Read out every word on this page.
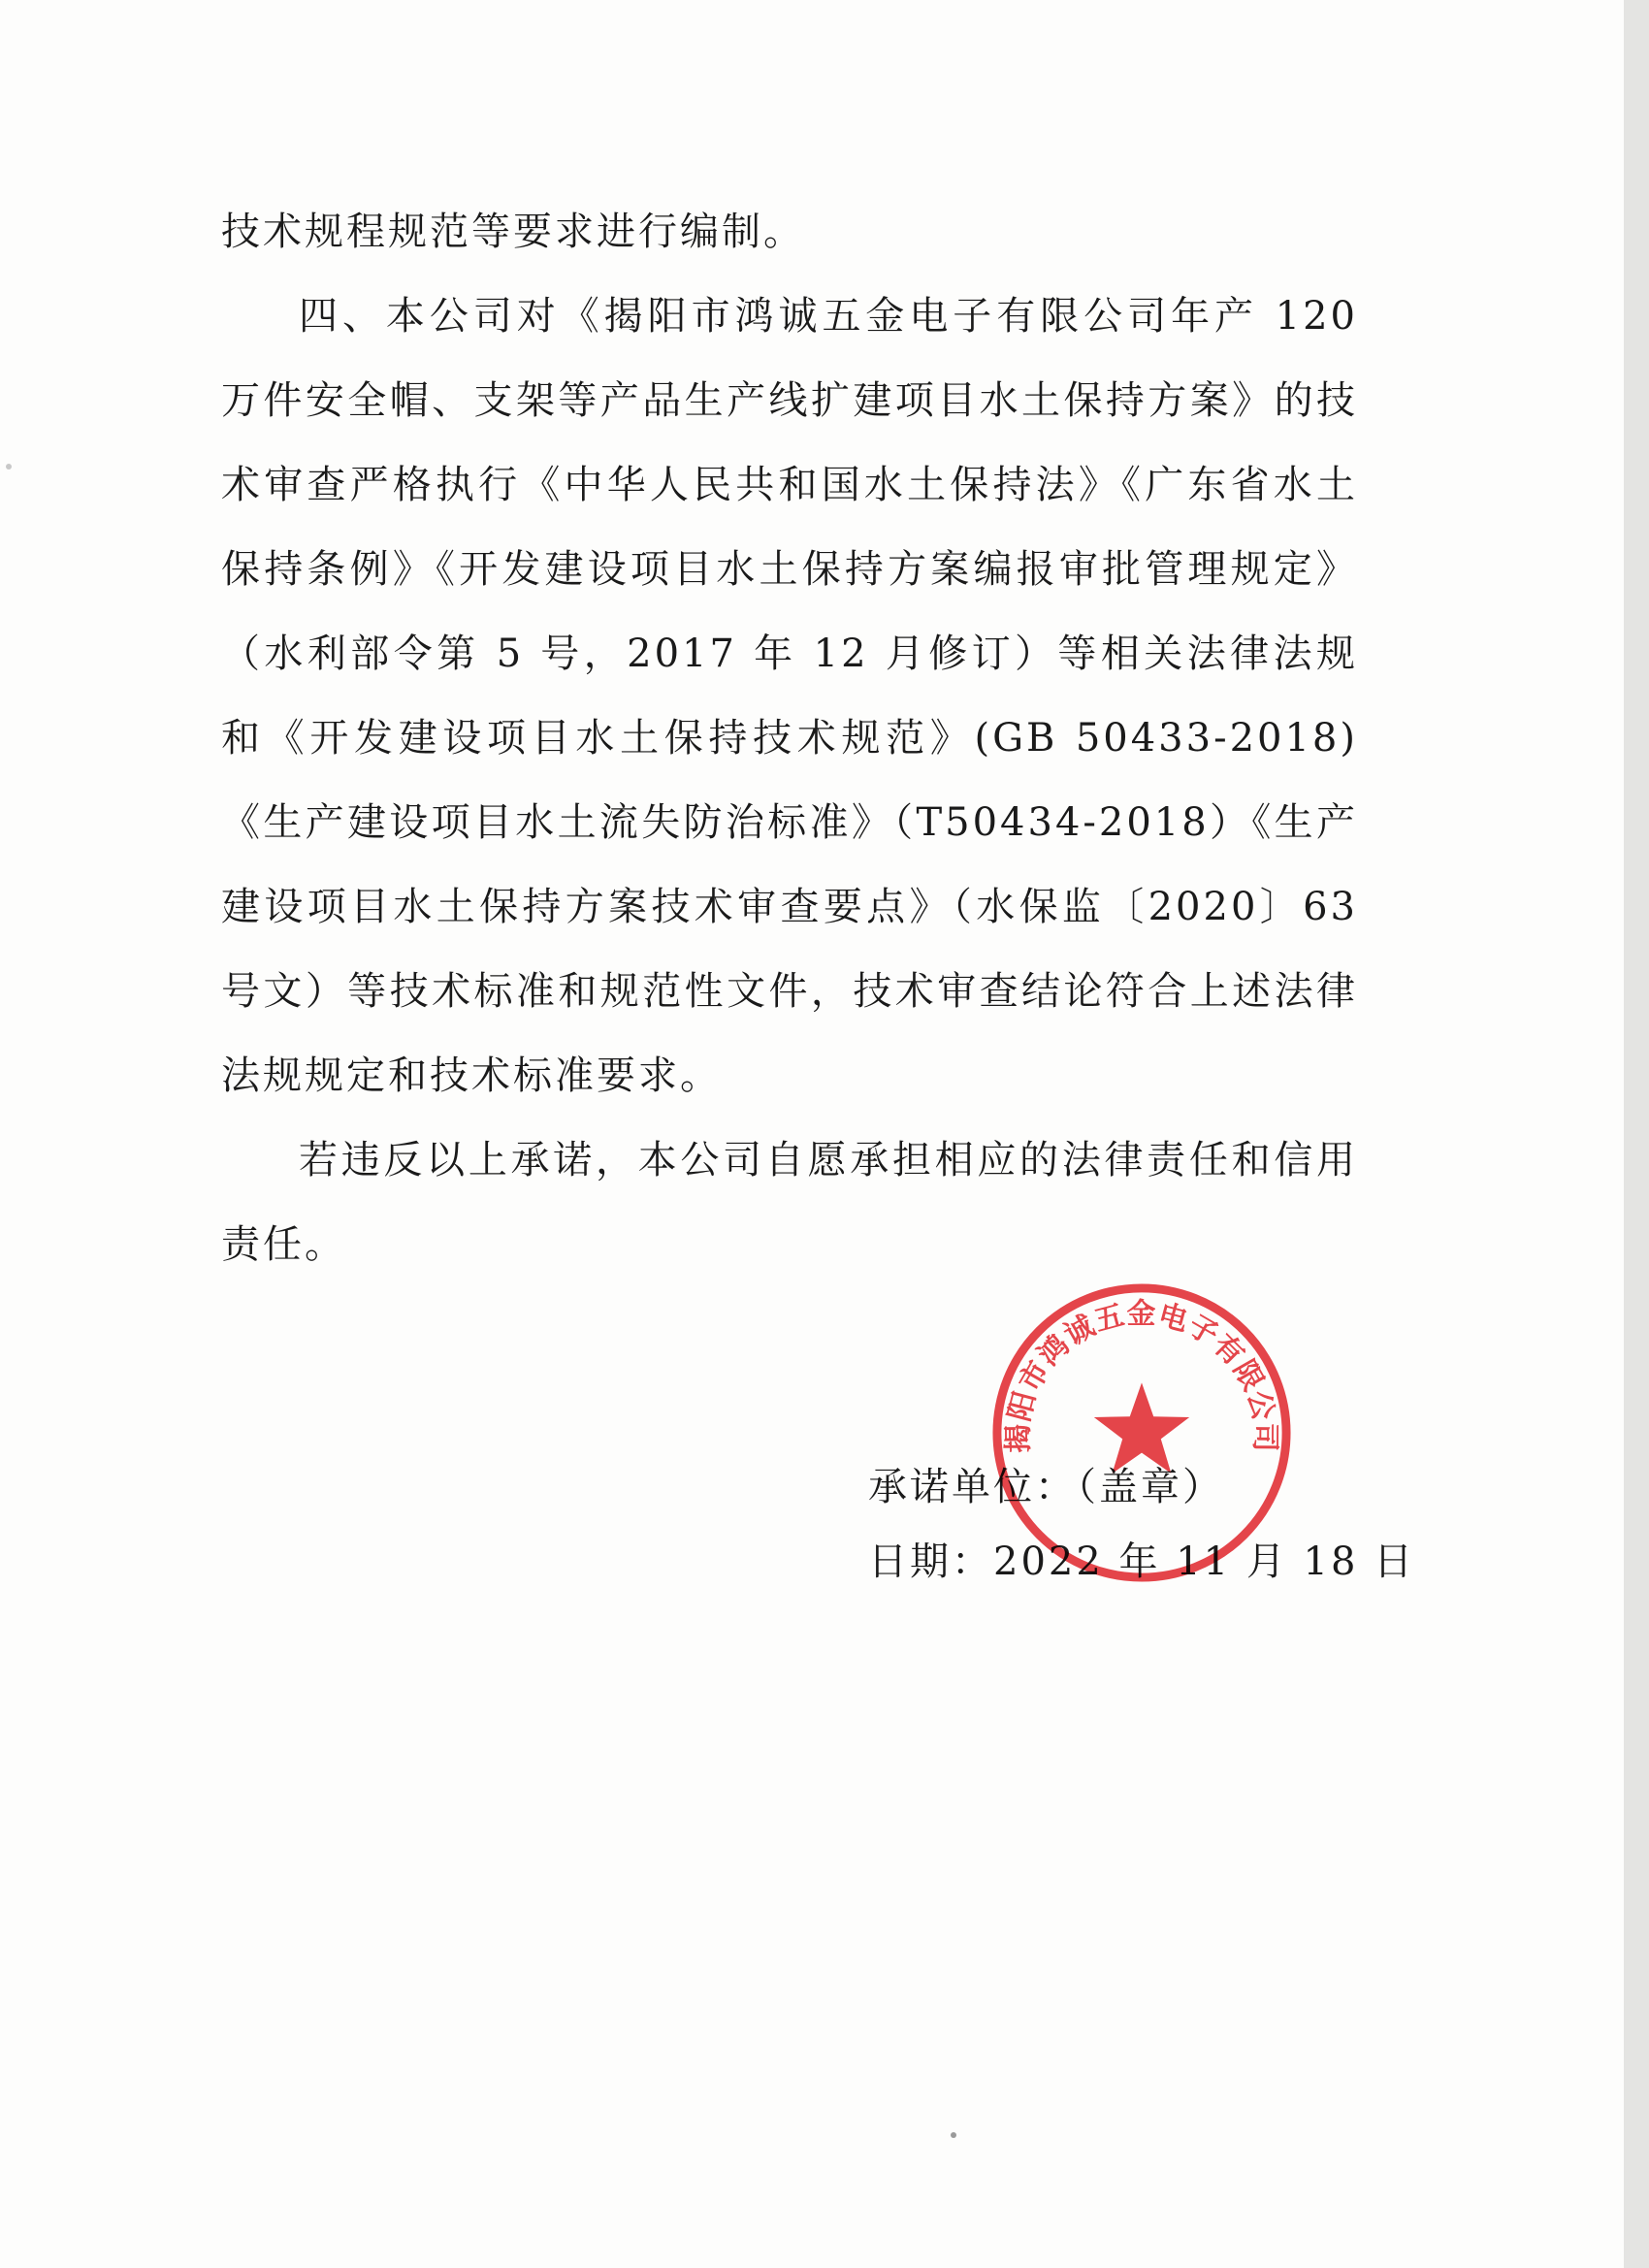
技术规程规范等要求进行编制。

四、本公司对《揭阳市鸿诚五金电子有限公司年产 120 万件安全帽、支架等产品生产线扩建项目水土保持方案》的技术审查严格执行《中华人民共和国水土保持法》《广东省水土保持条例》《开发建设项目水土保持方案编报审批管理规定》（水利部令第 5 号，2017 年 12 月修订）等相关法律法规和《开发建设项目水土保持技术规范》(GB 50433-2018)《生产建设项目水土流失防治标准》（T50434-2018）《生产建设项目水土保持方案技术审查要点》（水保监〔2020〕63 号文）等技术标准和规范性文件，技术审查结论符合上述法律法规规定和技术标准要求。

若违反以上承诺，本公司自愿承担相应的法律责任和信用责任。

承诺单位：（盖章）
日期：2022 年 11 月 18 日
揭阳市鸿诚五金电子有限公司
